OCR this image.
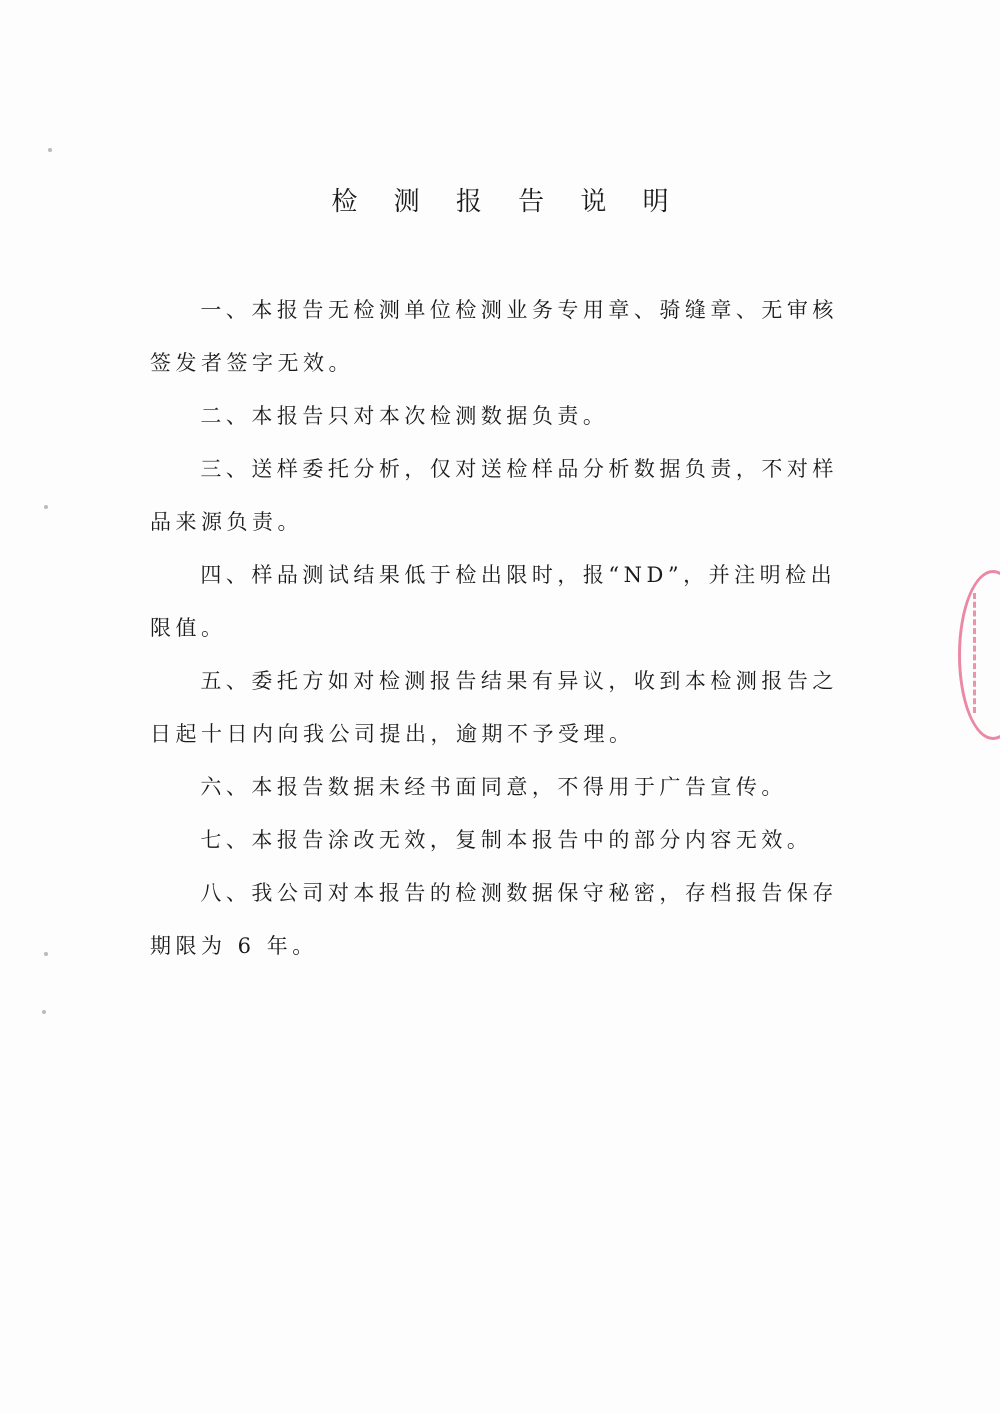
检 测 报 告 说 明

一、本报告无检测单位检测业务专用章、骑缝章、无审核签发者签字无效。

二、本报告只对本次检测数据负责。

三、送样委托分析，仅对送检样品分析数据负责，不对样品来源负责。

四、样品测试结果低于检出限时，报“ND”，并注明检出限值。

五、委托方如对检测报告结果有异议，收到本检测报告之日起十日内向我公司提出，逾期不予受理。

六、本报告数据未经书面同意，不得用于广告宣传。

七、本报告涂改无效，复制本报告中的部分内容无效。

八、我公司对本报告的检测数据保守秘密，存档报告保存期限为 6 年。
